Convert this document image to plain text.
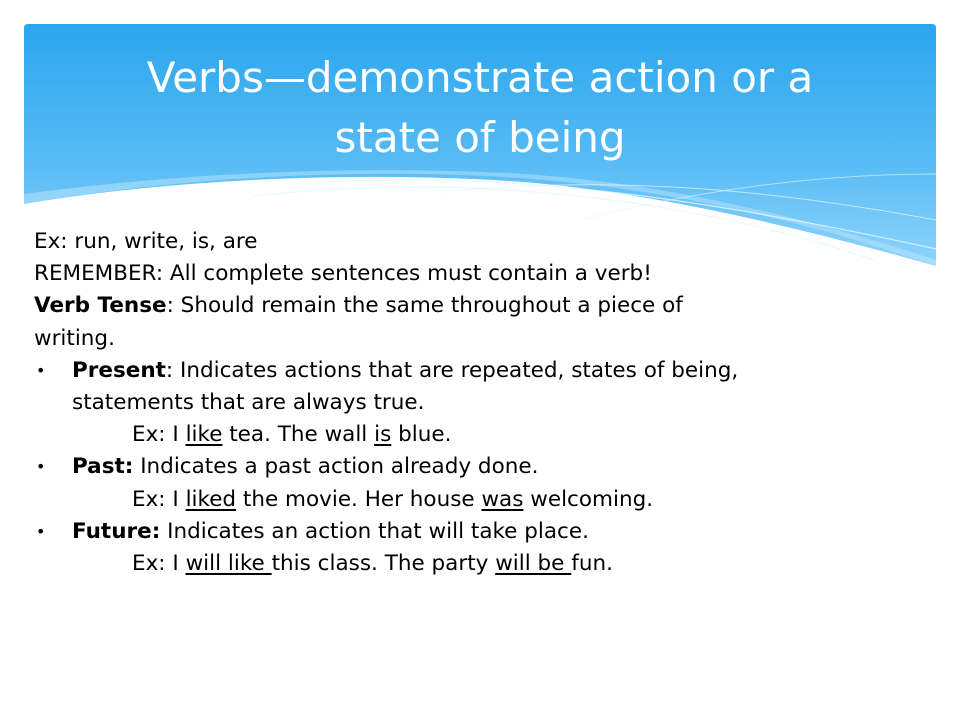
Verbs—demonstrate action or a
state of being
Ex: run, write, is, are
REMEMBER: All complete sentences must contain a verb!
Verb Tense: Should remain the same throughout a piece of
writing.
• Present: Indicates actions that are repeated, states of being,
statements that are always true.
Ex: I like tea. The wall is blue.
• Past: Indicates a past action already done.
Ex: I liked the movie. Her house was welcoming.
• Future: Indicates an action that will take place.
Ex: I will like this class. The party will be fun.
